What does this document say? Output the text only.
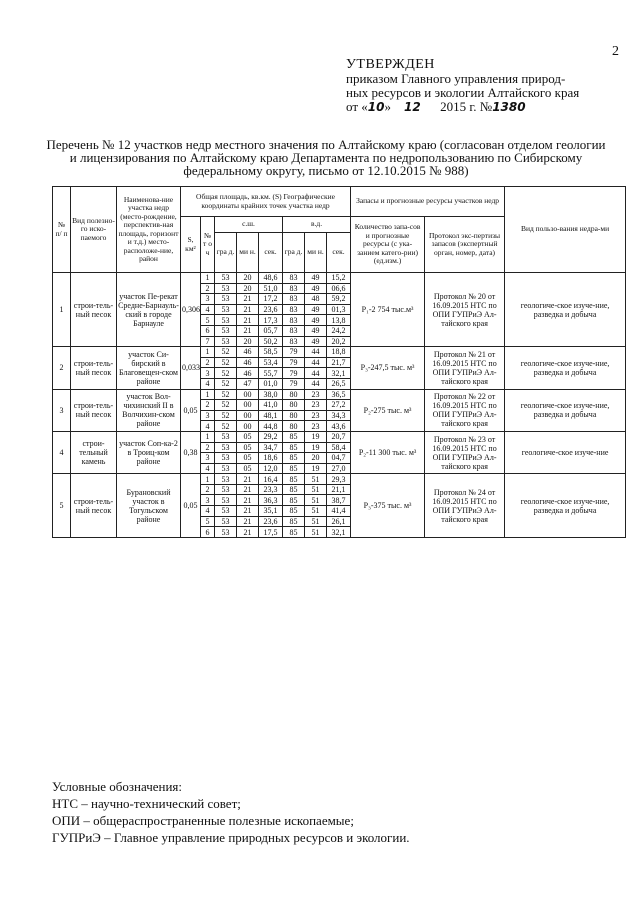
2
УТВЕРЖДЕН
приказом Главного управления природ-
ных ресурсов и экологии Алтайского края
от «10» 12 2015 г. №1380
Перечень № 12 участков недр местного значения по Алтайскому краю (согласован отделом геологии и лицензирования по Алтайскому краю Департамента по недропользованию по Сибирскому федеральному округу, письмо от 12.10.2015 № 988)
№ п/ п	Вид полезно-го иско-паемого	Наименова-ние участка недр (место-рождение, перспектив-ная площадь, горизонт и т.д.) место-расположе-ние, район	Общая площадь, кв.км. (S) Географические координаты крайних точек участка недр								Запасы и прогнозные ресурсы участков недр		Вид пользо-вания недра-ми
			S, км²	№ т о ч	с.ш.			в.д.			Количество запа-сов и прогнозные ресурсы (с ука-занием катего-рии) (ед.изм.)	Протокол экс-пертизы запасов (экспертный орган, номер, дата)	
					гра д.	ми н.	сек.	гра д.	ми н.	сек.			
1	строи-тель-ный песок	участок Пе-рекат Средне-Барнауль-ский в городе Барнауле	0,306	1	53	20	48,6	83	49	15,2	P₁-2 754 тыс.м³	Протокол № 20 от 16.09.2015 НТС по ОПИ ГУПРиЭ Ал-тайского края	геологиче-ское изуче-ние, разведка и добыча
				2	53	20	51,0	83	49	06,6			
				3	53	21	17,2	83	48	59,2			
				4	53	21	23,6	83	49	01,3			
				5	53	21	17,3	83	49	13,8			
				6	53	21	05,7	83	49	24,2			
				7	53	20	50,2	83	49	20,2			
2	строи-тель-ный песок	участок Си-бирский в Благовещен-ском районе	0,033	1	52	46	58,5	79	44	18,8	P₃-247,5 тыс. м³	Протокол № 21 от 16.09.2015 НТС по ОПИ ГУПРиЭ Ал-тайского края	геологиче-ское изуче-ние, разведка и добыча
				2	52	46	53,4	79	44	21,7			
				3	52	46	55,7	79	44	32,1			
				4	52	47	01,0	79	44	26,5			
3	строи-тель-ный песок	участок Вол-чихинский II в Волчихин-ском районе	0,05	1	52	00	38,0	80	23	36,5	P₂-275 тыс. м³	Протокол № 22 от 16.09.2015 НТС по ОПИ ГУПРиЭ Ал-тайского края	геологиче-ское изуче-ние, разведка и добыча
				2	52	00	41,0	80	23	27,2			
				3	52	00	48,1	80	23	34,3			
				4	52	00	44,8	80	23	43,6			
4	строи-тельный камень	участок Соп-ка-2 в Троиц-ком районе	0,38	1	53	05	29,2	85	19	20,7	P₂-11 300 тыс. м³	Протокол № 23 от 16.09.2015 НТС по ОПИ ГУПРиЭ Ал-тайского края	геологиче-ское изуче-ние
				2	53	05	34,7	85	19	58,4			
				3	53	05	18,6	85	20	04,7			
				4	53	05	12,0	85	19	27,0			
5	строи-тель-ный песок	Бурановский участок в Тогульском районе	0,05	1	53	21	16,4	85	51	29,3	P₃-375 тыс. м³	Протокол № 24 от 16.09.2015 НТС по ОПИ ГУПРиЭ Ал-тайского края	геологиче-ское изуче-ние, разведка и добыча
				2	53	21	23,3	85	51	21,1			
				3	53	21	36,3	85	51	38,7			
				4	53	21	35,1	85	51	41,4			
				5	53	21	23,6	85	51	26,1			
				6	53	21	17,5	85	51	32,1			
Условные обозначения:
НТС – научно-технический совет;
ОПИ – общераспространенные полезные ископаемые;
ГУПРиЭ – Главное управление природных ресурсов и экологии.
